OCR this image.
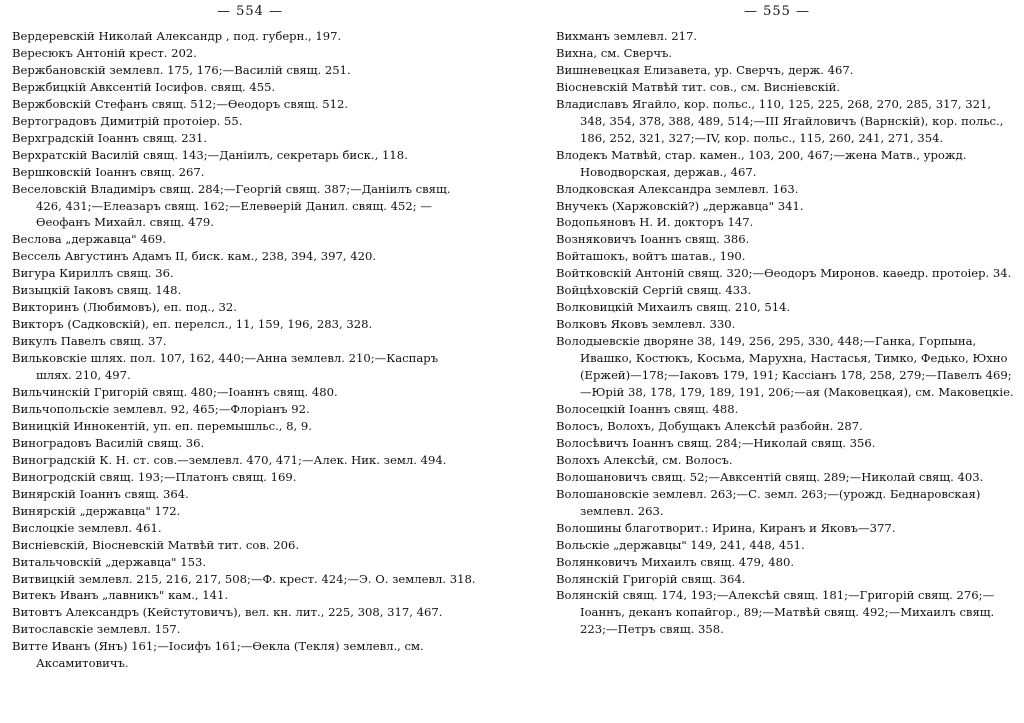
— 554 —
Вердеревскій Николай Александр , под. губерн., 197.
Вересюкъ Антоній крест. 202.
Вержбановскій землевл. 175, 176;—Василій свящ. 251.
Вержбицкій Авксентій Іосифов. свящ. 455.
Вержбовскій Стефанъ свящ. 512;—Ѳеодоръ свящ. 512.
Вертоградовъ Димитрій протоіер. 55.
Верхградскій Іоаннъ свящ. 231.
Верхратскій Василій свящ. 143;—Даніилъ, секретарь биск., 118.
Вершковскій Іоаннъ свящ. 267.
Веселовскій Владиміръ свящ. 284;—Георгій свящ. 387;—Даніилъ свящ. 426, 431;—Елеазаръ свящ. 162;—Елевѳерій Данил. свящ. 452; —Ѳеофанъ Михайл. свящ. 479.
Веслова „державца" 469.
Вессель Августинъ Адамъ II, биск. кам., 238, 394, 397, 420.
Вигура Кириллъ свящ. 36.
Визыцкій Іаковъ свящ. 148.
Викторинъ (Любимовъ), еп. под., 32.
Викторъ (Садковскій), еп. перелсл., 11, 159, 196, 283, 328.
Викулъ Павелъ свящ. 37.
Вильковскіе шлях. пол. 107, 162, 440;—Анна землевл. 210;—Каспаръ шлях. 210, 497.
Вильчинскій Григорій свящ. 480;—Іоаннъ свящ. 480.
Вильчопольскіе землевл. 92, 465;—Флоріанъ 92.
Виницкій Иннокентій, уп. еп. перемышльс., 8, 9.
Виноградовъ Василій свящ. 36.
Виноградскій К. Н. ст. сов.—землевл. 470, 471;—Алек. Ник. земл. 494.
Виногродскій свящ. 193;—Платонъ свящ. 169.
Винярскій Іоаннъ свящ. 364.
Винярскій „державца" 172.
Вислоцкіе землевл. 461.
Висніевскій, Віосневскій Матвѣй тит. сов. 206.
Витальчовскій „державца" 153.
Витвицкій землевл. 215, 216, 217, 508;—Ф. крест. 424;—Э. О. землевл. 318.
Витекъ Иванъ „лавникъ" кам., 141.
Витовтъ Александръ (Кейстутовичъ), вел. кн. лит., 225, 308, 317, 467.
Витославскіе землевл. 157.
Витте Иванъ (Янъ) 161;—Іосифъ 161;—Ѳекла (Текля) землевл., см. Аксамитовичъ.
— 555 —
Вихманъ землевл. 217.
Вихна, см. Сверчъ.
Вишневецкая Елизавета, ур. Сверчъ, держ. 467.
Віосневскій Матвѣй тит. сов., см. Висніевскій.
Владиславъ Ягайло, кор. польс., 110, 125, 225, 268, 270, 285, 317, 321, 348, 354, 378, 388, 489, 514;—III Ягайловичъ (Варнскій), кор. польс., 186, 252, 321, 327;—IV, кор. польс., 115, 260, 241, 271, 354.
Влодекъ Матвѣй, стар. камен., 103, 200, 467;—жена Матв., урожд. Новодворская, держав., 467.
Влодковская Александра землевл. 163.
Внучекъ (Харжовскій?) „державца" 341.
Водопьяновъ Н. И. докторъ 147.
Возняковичъ Іоаннъ свящ. 386.
Войташокъ, войтъ шатав., 190.
Войтковскій Антоній свящ. 320;—Ѳеодоръ Миронов. каѳедр. протоіер. 34.
Войцѣховскій Сергій свящ. 433.
Волковицкій Михаилъ свящ. 210, 514.
Волковъ Яковъ землевл. 330.
Володыевскіе дворяне 38, 149, 256, 295, 330, 448;—Ганка, Горпына, Ивашко, Костюкъ, Косьма, Маруxна, Настасья, Тимко, Федько, Юхно (Ержей)—178;—Іаковъ 179, 191; Кассіанъ 178, 258, 279;—Павелъ 469;—Юрій 38, 178, 179, 189, 191, 206;—ая (Маковецкая), см. Маковецкіе.
Волосецкій Іоаннъ свящ. 488.
Волосъ, Волохъ, Добущакъ Алексѣй разбойн. 287.
Волосѣвичъ Іоаннъ свящ. 284;—Николай свящ. 356.
Волохъ Алексѣй, см. Волосъ.
Волошановичъ свящ. 52;—Авксентій свящ. 289;—Николай свящ. 403.
Волошановскіе землевл. 263;—С. земл. 263;—(урожд. Беднаровская) землевл. 263.
Волошины благотворит.: Ирина, Киранъ и Яковъ—377.
Вольскіе „державцы" 149, 241, 448, 451.
Волянковичъ Михаилъ свящ. 479, 480.
Волянскій Григорій свящ. 364.
Волянскій свящ. 174, 193;—Алексѣй свящ. 181;—Григорій свящ. 276;—Іоаннъ, деканъ копайгор., 89;—Матвѣй свящ. 492;—Михаилъ свящ. 223;—Петръ свящ. 358.
